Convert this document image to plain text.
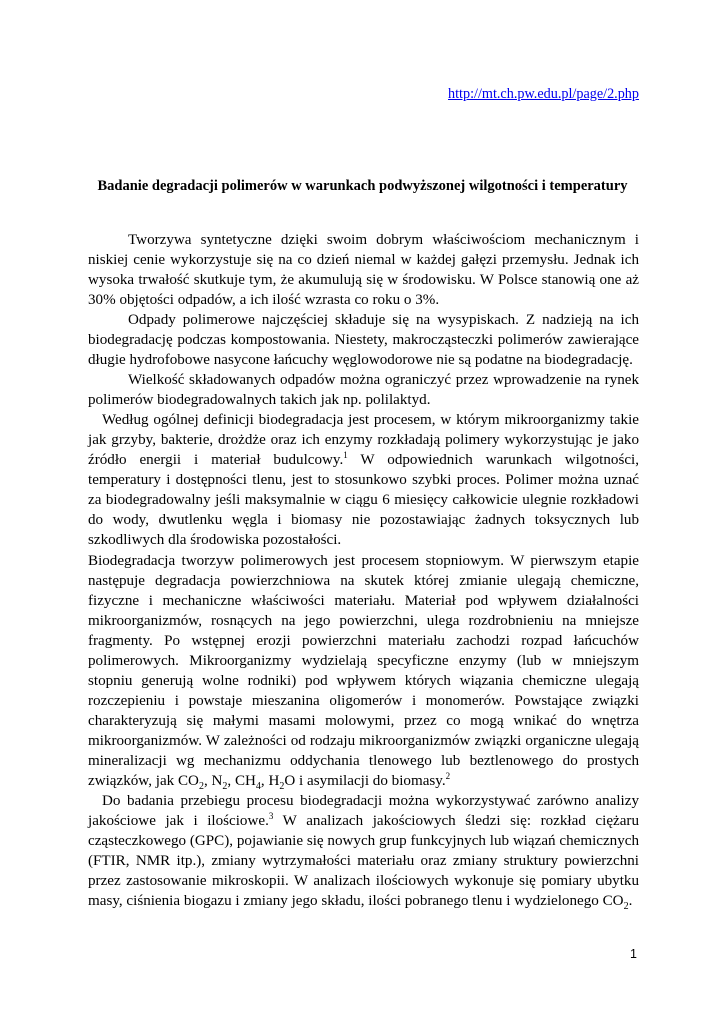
http://mt.ch.pw.edu.pl/page/2.php
Badanie degradacji polimerów w warunkach podwyższonej wilgotności i temperatury

Tworzywa syntetyczne dzięki swoim dobrym właściwościom mechanicznym i niskiej cenie wykorzystuje się na co dzień niemal w każdej gałęzi przemysłu. Jednak ich wysoka trwałość skutkuje tym, że akumulują się w środowisku. W Polsce stanowią one aż 30% objętości odpadów, a ich ilość wzrasta co roku o 3%.

Odpady polimerowe najczęściej składuje się na wysypiskach. Z nadzieją na ich biodegradację podczas kompostowania. Niestety, makrocząsteczki polimerów zawierające długie hydrofobowe nasycone łańcuchy węglowodorowe nie są podatne na biodegradację.

Wielkość składowanych odpadów można ograniczyć przez wprowadzenie na rynek polimerów biodegradowalnych takich jak np. polilaktyd.

Według ogólnej definicji biodegradacja jest procesem, w którym mikroorganizmy takie jak grzyby, bakterie, drożdże oraz ich enzymy rozkładają polimery wykorzystując je jako źródło energii i materiał budulcowy.$^1$ W odpowiednich warunkach wilgotności, temperatury i dostępności tlenu, jest to stosunkowo szybki proces. Polimer można uznać za biodegradowalny jeśli maksymalnie w ciągu 6 miesięcy całkowicie ulegnie rozkładowi do wody, dwutlenku węgla i biomasy nie pozostawiając żadnych toksycznych lub szkodliwych dla środowiska pozostałości.

Biodegradacja tworzyw polimerowych jest procesem stopniowym. W pierwszym etapie następuje degradacja powierzchniowa na skutek której zmianie ulegają chemiczne, fizyczne i mechaniczne właściwości materiału. Materiał pod wpływem działalności mikroorganizmów, rosnących na jego powierzchni, ulega rozdrobnieniu na mniejsze fragmenty. Po wstępnej erozji powierzchni materiału zachodzi rozpad łańcuchów polimerowych. Mikroorganizmy wydzielają specyficzne enzymy (lub w mniejszym stopniu generują wolne rodniki) pod wpływem których wiązania chemiczne ulegają rozczepieniu i powstaje mieszanina oligomerów i monomerów. Powstające związki charakteryzują się małymi masami molowymi, przez co mogą wnikać do wnętrza mikroorganizmów. W zależności od rodzaju mikroorganizmów związki organiczne ulegają mineralizacji wg mechanizmu oddychania tlenowego lub beztlenowego do prostych związków, jak $CO_2$, $N_2$, $CH_4$, $H_2O$ i asymilacji do biomasy.$^2$

Do badania przebiegu procesu biodegradacji można wykorzystywać zarówno analizy jakościowe jak i ilościowe.$^3$ W analizach jakościowych śledzi się: rozkład ciężaru cząsteczkowego (GPC), pojawianie się nowych grup funkcyjnych lub wiązań chemicznych (FTIR, NMR itp.), zmiany wytrzymałości materiału oraz zmiany struktury powierzchni przez zastosowanie mikroskopii. W analizach ilościowych wykonuje się pomiary ubytku masy, ciśnienia biogazu i zmiany jego składu, ilości pobranego tlenu i wydzielonego $CO_2$.

1
